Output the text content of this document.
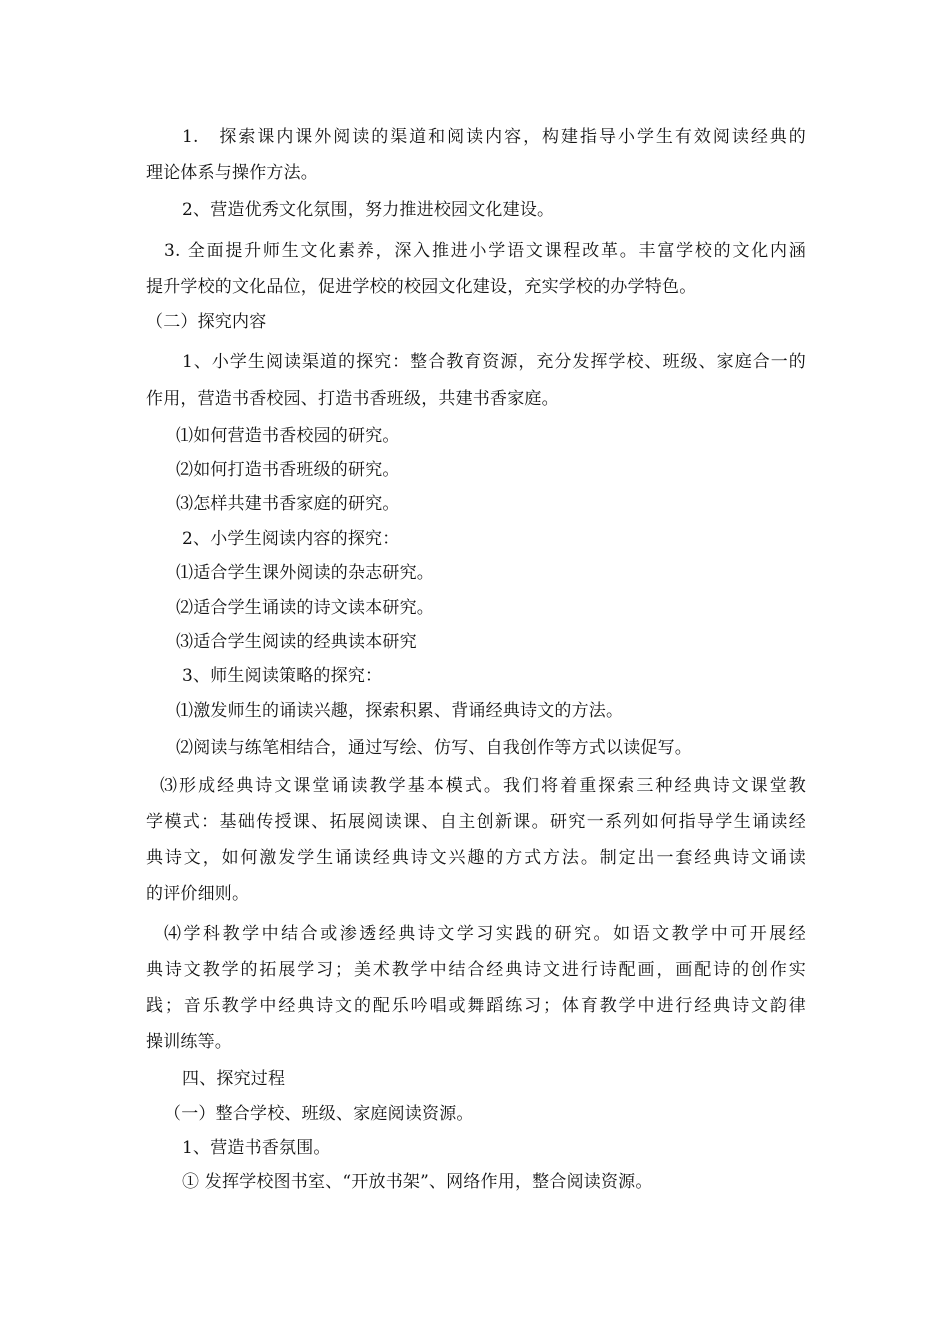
1.　探索课内课外阅读的渠道和阅读内容，构建指导小学生有效阅读经典的
理论体系与操作方法。
2、营造优秀文化氛围，努力推进校园文化建设。
3. 全面提升师生文化素养，深入推进小学语文课程改革。丰富学校的文化内涵
提升学校的文化品位，促进学校的校园文化建设，充实学校的办学特色。
（二）探究内容
1、小学生阅读渠道的探究：整合教育资源，充分发挥学校、班级、家庭合一的
作用，营造书香校园、打造书香班级，共建书香家庭。
⑴如何营造书香校园的研究。
⑵如何打造书香班级的研究。
⑶怎样共建书香家庭的研究。
2、小学生阅读内容的探究：
⑴适合学生课外阅读的杂志研究。
⑵适合学生诵读的诗文读本研究。
⑶适合学生阅读的经典读本研究
3、师生阅读策略的探究：
⑴激发师生的诵读兴趣，探索积累、背诵经典诗文的方法。
⑵阅读与练笔相结合，通过写绘、仿写、自我创作等方式以读促写。
⑶形成经典诗文课堂诵读教学基本模式。我们将着重探索三种经典诗文课堂教
学模式：基础传授课、拓展阅读课、自主创新课。研究一系列如何指导学生诵读经
典诗文，如何激发学生诵读经典诗文兴趣的方式方法。制定出一套经典诗文诵读
的评价细则。
⑷学科教学中结合或渗透经典诗文学习实践的研究。如语文教学中可开展经
典诗文教学的拓展学习；美术教学中结合经典诗文进行诗配画，画配诗的创作实
践；音乐教学中经典诗文的配乐吟唱或舞蹈练习；体育教学中进行经典诗文韵律
操训练等。
四、探究过程
（一）整合学校、班级、家庭阅读资源。
1、营造书香氛围。
① 发挥学校图书室、“开放书架”、网络作用，整合阅读资源。
